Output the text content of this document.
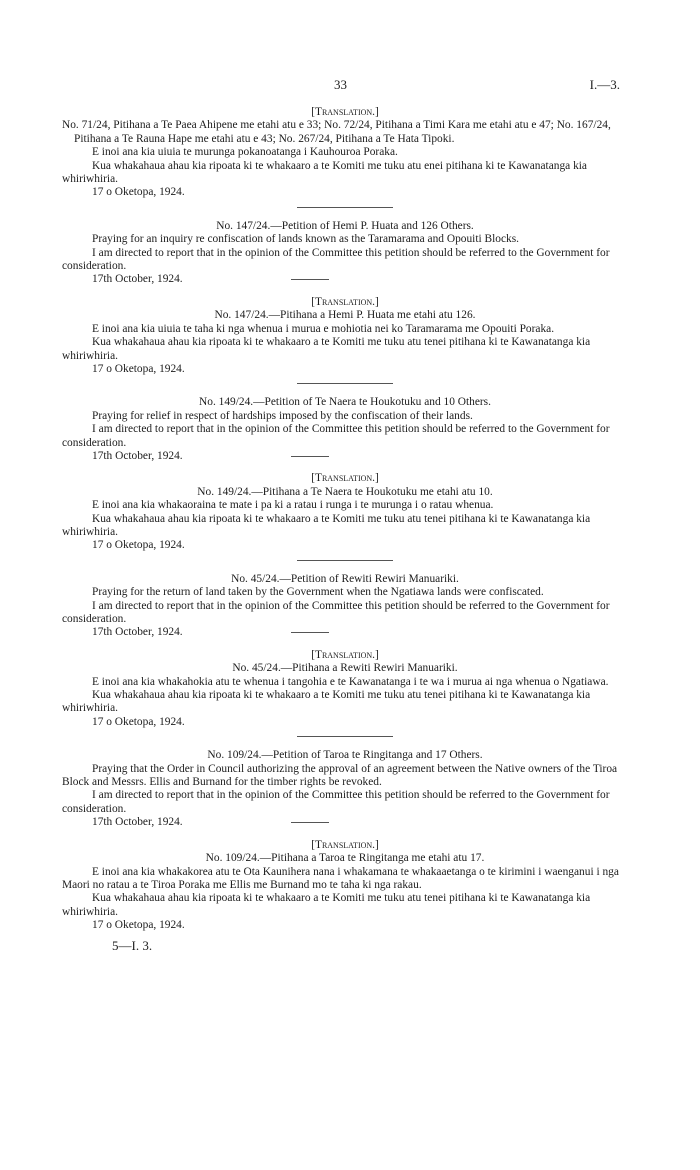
33	I.—3.

[Translation.]

No. 71/24, Pitihana a Te Paea Ahipene me etahi atu e 33; No. 72/24, Pitihana a Timi Kara me etahi atu e 47; No. 167/24, Pitihana a Te Rauna Hape me etahi atu e 43; No. 267/24, Pitihana a Te Hata Tipoki.

E inoi ana kia uiuia te murunga pokanoatanga i Kauhouroa Poraka.

Kua whakahaua ahau kia ripoata ki te whakaaro a te Komiti me tuku atu enei pitihana ki te Kawanatanga kia whiriwhiria.

17 o Oketopa, 1924.

No. 147/24.—Petition of Hemi P. Huata and 126 Others.

Praying for an inquiry re confiscation of lands known as the Taramarama and Opouiti Blocks.

I am directed to report that in the opinion of the Committee this petition should be referred to the Government for consideration.

17th October, 1924.

[Translation.]

No. 147/24.—Pitihana a Hemi P. Huata me etahi atu 126.

E inoi ana kia uiuia te taha ki nga whenua i murua e mohiotia nei ko Taramarama me Opouiti Poraka.

Kua whakahaua ahau kia ripoata ki te whakaaro a te Komiti me tuku atu tenei pitihana ki te Kawanatanga kia whiriwhiria.

17 o Oketopa, 1924.

No. 149/24.—Petition of Te Naera te Houkotuku and 10 Others.

Praying for relief in respect of hardships imposed by the confiscation of their lands.

I am directed to report that in the opinion of the Committee this petition should be referred to the Government for consideration.

17th October, 1924.

[Translation.]

No. 149/24.—Pitihana a Te Naera te Houkotuku me etahi atu 10.

E inoi ana kia whakaoraina te mate i pa ki a ratau i runga i te murunga i o ratau whenua.

Kua whakahaua ahau kia ripoata ki te whakaaro a te Komiti me tuku atu tenei pitihana ki te Kawanatanga kia whiriwhiria.

17 o Oketopa, 1924.

No. 45/24.—Petition of Rewiti Rewiri Manuariki.

Praying for the return of land taken by the Government when the Ngatiawa lands were confiscated.

I am directed to report that in the opinion of the Committee this petition should be referred to the Government for consideration.

17th October, 1924.

[Translation.]

No. 45/24.—Pitihana a Rewiti Rewiri Manuariki.

E inoi ana kia whakahokia atu te whenua i tangohia e te Kawanatanga i te wa i murua ai nga whenua o Ngatiawa.

Kua whakahaua ahau kia ripoata ki te whakaaro a te Komiti me tuku atu tenei pitihana ki te Kawanatanga kia whiriwhiria.

17 o Oketopa, 1924.

No. 109/24.—Petition of Taroa te Ringitanga and 17 Others.

Praying that the Order in Council authorizing the approval of an agreement between the Native owners of the Tiroa Block and Messrs. Ellis and Burnand for the timber rights be revoked.

I am directed to report that in the opinion of the Committee this petition should be referred to the Government for consideration.

17th October, 1924.

[Translation.]

No. 109/24.—Pitihana a Taroa te Ringitanga me etahi atu 17.

E inoi ana kia whakakorea atu te Ota Kaunihera nana i whakamana te whakaaetanga o te kirimini i waenganui i nga Maori no ratau a te Tiroa Poraka me Ellis me Burnand mo te taha ki nga rakau.

Kua whakahaua ahau kia ripoata ki te whakaaro a te Komiti me tuku atu tenei pitihana ki te Kawanatanga kia whiriwhiria.

17 o Oketopa, 1924.

5—I. 3.
